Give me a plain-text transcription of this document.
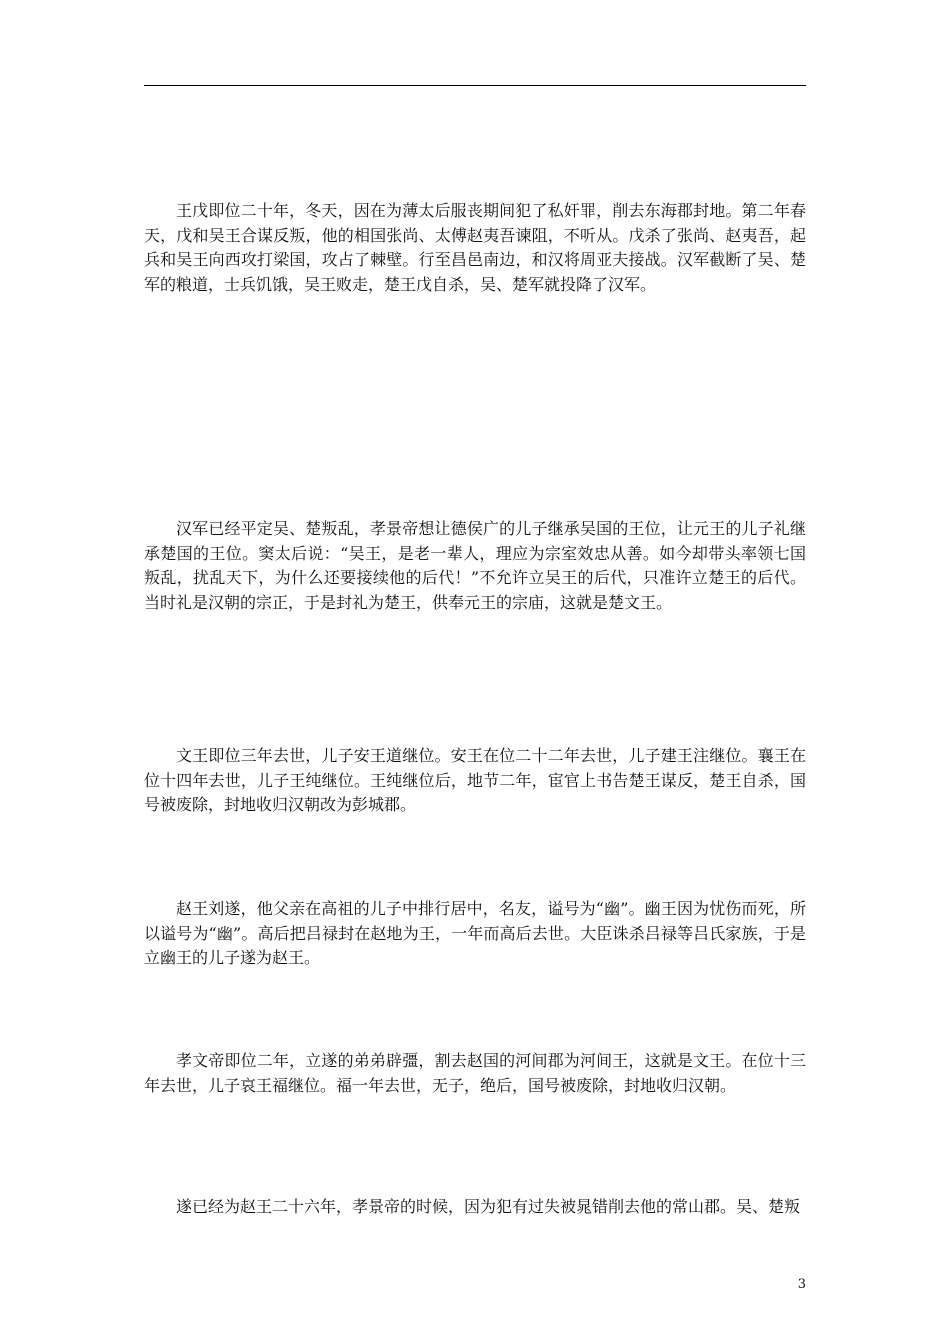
王戊即位二十年，冬天，因在为薄太后服丧期间犯了私奸罪，削去东海郡封地。第二年春天，戊和吴王合谋反叛，他的相国张尚、太傅赵夷吾谏阻，不听从。戊杀了张尚、赵夷吾，起兵和吴王向西攻打梁国，攻占了棘壁。行至昌邑南边，和汉将周亚夫接战。汉军截断了吴、楚军的粮道，士兵饥饿，吴王败走，楚王戊自杀，吴、楚军就投降了汉军。

汉军已经平定吴、楚叛乱，孝景帝想让德侯广的儿子继承吴国的王位，让元王的儿子礼继承楚国的王位。窦太后说：“吴王，是老一辈人，理应为宗室效忠从善。如今却带头率领七国叛乱，扰乱天下，为什么还要接续他的后代！”不允许立吴王的后代，只准许立楚王的后代。当时礼是汉朝的宗正，于是封礼为楚王，供奉元王的宗庙，这就是楚文王。

文王即位三年去世，儿子安王道继位。安王在位二十二年去世，儿子建王注继位。襄王在位十四年去世，儿子王纯继位。王纯继位后，地节二年，宦官上书告楚王谋反，楚王自杀，国号被废除，封地收归汉朝改为彭城郡。

赵王刘遂，他父亲在高祖的儿子中排行居中，名友，谥号为“幽”。幽王因为忧伤而死，所以谥号为“幽”。高后把吕禄封在赵地为王，一年而高后去世。大臣诛杀吕禄等吕氏家族，于是立幽王的儿子遂为赵王。

孝文帝即位二年，立遂的弟弟辟彊，割去赵国的河间郡为河间王，这就是文王。在位十三年去世，儿子哀王福继位。福一年去世，无子，绝后，国号被废除，封地收归汉朝。

遂已经为赵王二十六年，孝景帝的时候，因为犯有过失被晁错削去他的常山郡。吴、楚叛

3
